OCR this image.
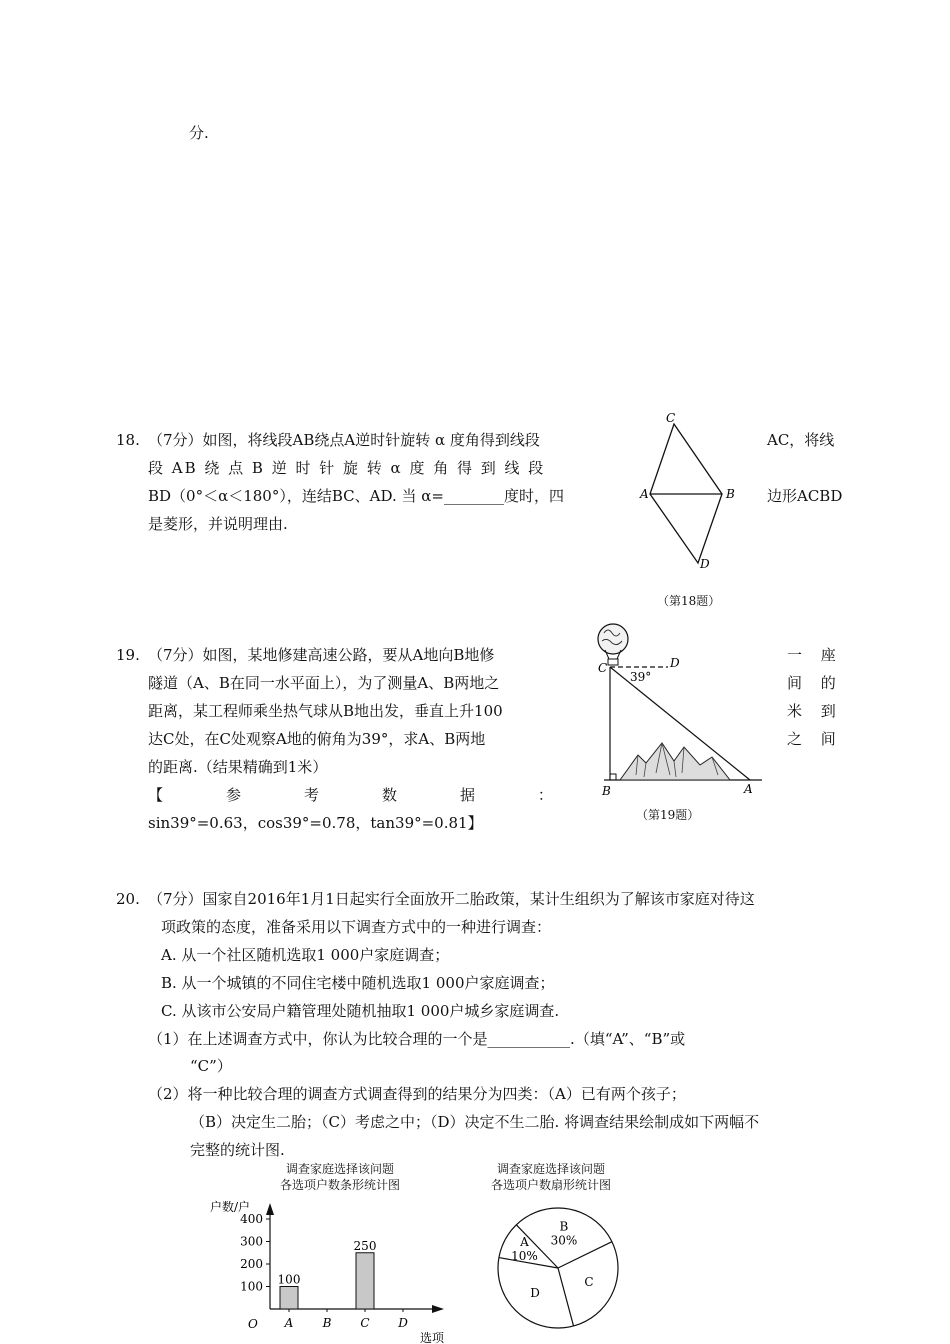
分.
18. （7分）如图，将线段AB绕点A逆时针旋转 α 度角得到线段	AC，将线
段 AB 绕 点 B 逆 时 针 旋 转 α 度 角 得 到 线 段
BD（0°＜α＜180°），连结BC、AD. 当 α=________度时，四	边形ACBD
是菱形，并说明理由.
C
A	B
D
（第18题）
19. （7分）如图，某地修建高速公路，要从A地向B地修	一 座
隧道（A、B在同一水平面上），为了测量A、B两地之	间 的
距离，某工程师乘坐热气球从B地出发，垂直上升100	米 到
达C处，在C处观察A地的俯角为39°，求A、B两地	之 间
的距离.（结果精确到1米）
【	参	考	数	据	：
sin39°=0.63，cos39°=0.78，tan39°=0.81】
C	D
39°
B	A
（第19题）
20. （7分）国家自2016年1月1日起实行全面放开二胎政策，某计生组织为了解该市家庭对待这
项政策的态度，准备采用以下调查方式中的一种进行调查：
A. 从一个社区随机选取1 000户家庭调查；
B. 从一个城镇的不同住宅楼中随机选取1 000户家庭调查；
C. 从该市公安局户籍管理处随机抽取1 000户城乡家庭调查.
（1）在上述调查方式中，你认为比较合理的一个是___________.（填“A”、“B”或
“C”）
（2）将一种比较合理的调查方式调查得到的结果分为四类：（A）已有两个孩子；
（B）决定生二胎；（C）考虑之中；（D）决定不生二胎. 将调查结果绘制成如下两幅不
完整的统计图.
调查家庭选择该问题
各选项户数条形统计图
户数/户
选项
O
100
200
300
400
A
100
B C
250
D
调查家庭选择该问题
各选项户数扇形统计图
A
10%
B
30%
C
D
